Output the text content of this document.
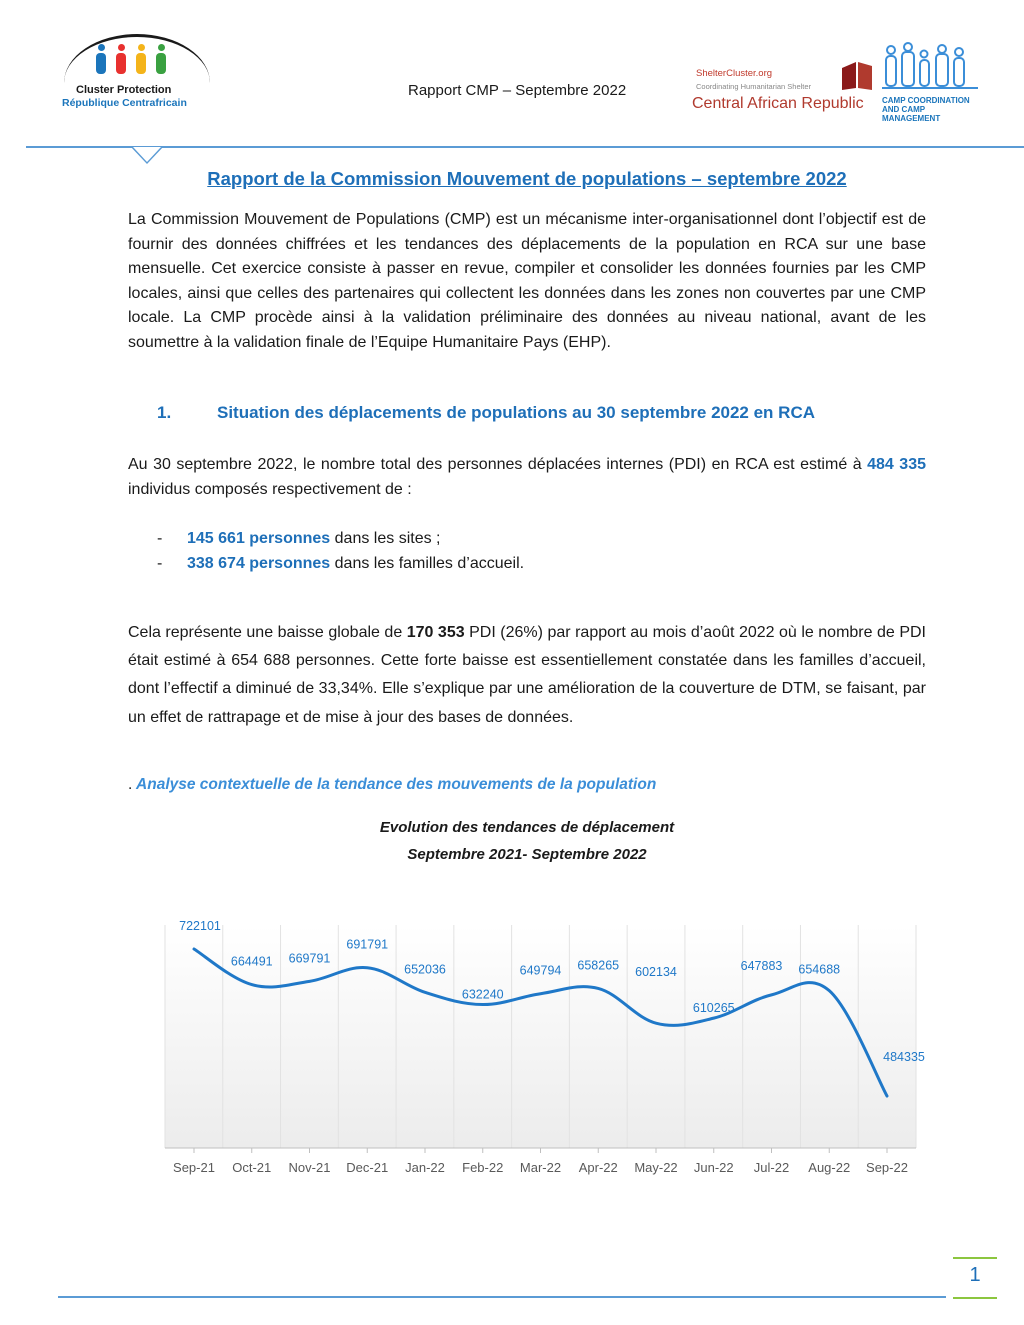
Cluster Protection
République Centrafricain
Rapport CMP – Septembre 2022
ShelterCluster.org
Coordinating Humanitarian Shelter
Central African Republic CAMP COORDINATION
AND CAMP MANAGEMENT
Rapport de la Commission Mouvement de populations – septembre 2022
La Commission Mouvement de Populations (CMP) est un mécanisme inter-organisationnel dont l’objectif est de fournir des données chiffrées et les tendances des déplacements de la population en RCA sur une base mensuelle. Cet exercice consiste à passer en revue, compiler et consolider les données fournies par les CMP locales, ainsi que celles des partenaires qui collectent les données dans les zones non couvertes par une CMP locale. La CMP procède ainsi à la validation préliminaire des données au niveau national, avant de les soumettre à la validation finale de l’Equipe Humanitaire Pays (EHP).
1.	Situation des déplacements de populations au 30 septembre 2022 en RCA
Au 30 septembre 2022, le nombre total des personnes déplacées internes (PDI) en RCA est estimé à 484 335 individus composés respectivement de :
- 145 661 personnes dans les sites ;
- 338 674 personnes dans les familles d’accueil.
Cela représente une baisse globale de 170 353 PDI (26%) par rapport au mois d’août 2022 où le nombre de PDI était estimé à 654 688 personnes. Cette forte baisse est essentiellement constatée dans les familles d’accueil, dont l’effectif a diminué de 33,34%. Elle s’explique par une amélioration de la couverture de DTM, se faisant, par un effet de rattrapage et de mise à jour des bases de données.
. Analyse contextuelle de la tendance des mouvements de la population
Evolution des tendances de déplacement
Septembre 2021- Septembre 2022
722101
664491 669791
691791
652036
632240
649794 658265 602134
610265
647883 654688
484335
Sep-21 Oct-21 Nov-21 Dec-21 Jan-22 Feb-22 Mar-22 Apr-22 May-22 Jun-22 Jul-22 Aug-22 Sep-22
1
